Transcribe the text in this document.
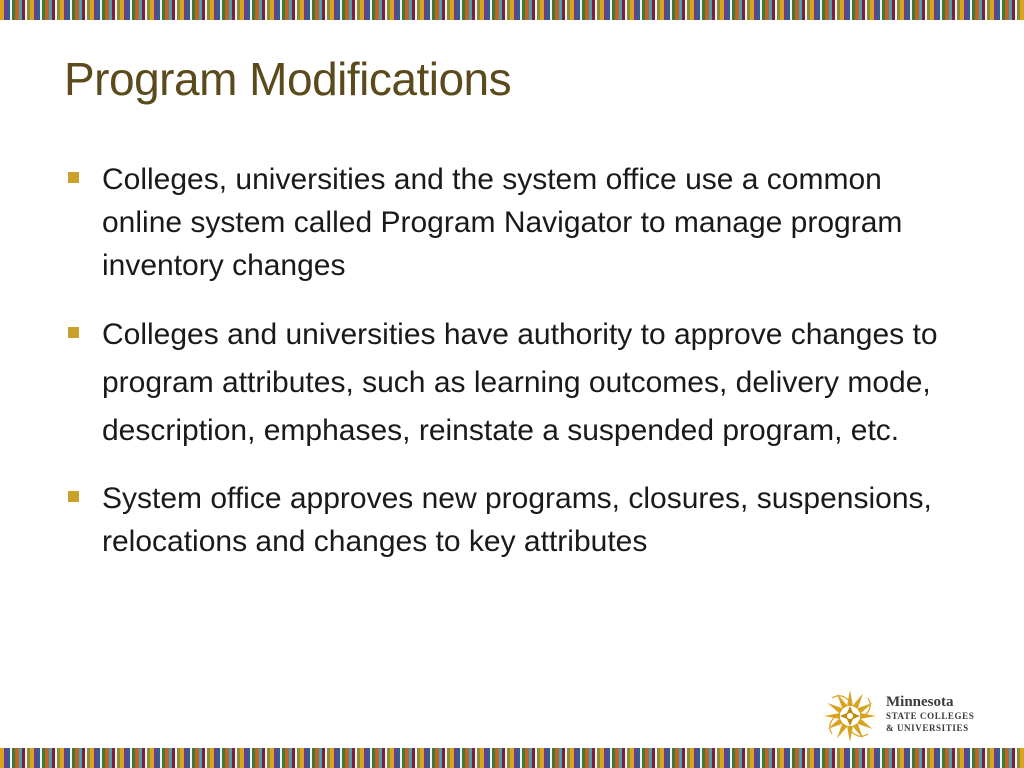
Program Modifications
Colleges, universities and the system office use a common online system called Program Navigator to manage program inventory changes
Colleges and universities have authority to approve changes to program attributes, such as learning outcomes, delivery mode, description, emphases, reinstate a suspended program, etc.
System office approves new programs, closures, suspensions, relocations and changes to key attributes
Minnesota
STATE COLLEGES
& UNIVERSITIES
